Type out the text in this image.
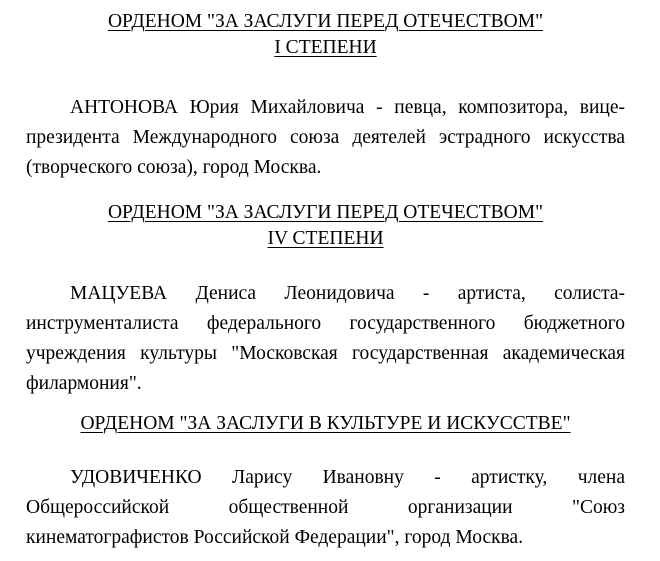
ОРДЕНОМ "ЗА ЗАСЛУГИ ПЕРЕД ОТЕЧЕСТВОМ"
I СТЕПЕНИ

АНТОНОВА Юрия Михайловича - певца, композитора, вице-президента Международного союза деятелей эстрадного искусства (творческого союза), город Москва.

ОРДЕНОМ "ЗА ЗАСЛУГИ ПЕРЕД ОТЕЧЕСТВОМ"
IV СТЕПЕНИ

МАЦУЕВА Дениса Леонидовича - артиста, солиста-инструменталиста федерального государственного бюджетного учреждения культуры "Московская государственная академическая филармония".

ОРДЕНОМ "ЗА ЗАСЛУГИ В КУЛЬТУРЕ И ИСКУССТВЕ"

УДОВИЧЕНКО Ларису Ивановну - артистку, члена Общероссийской общественной организации "Союз кинематографистов Российской Федерации", город Москва.
